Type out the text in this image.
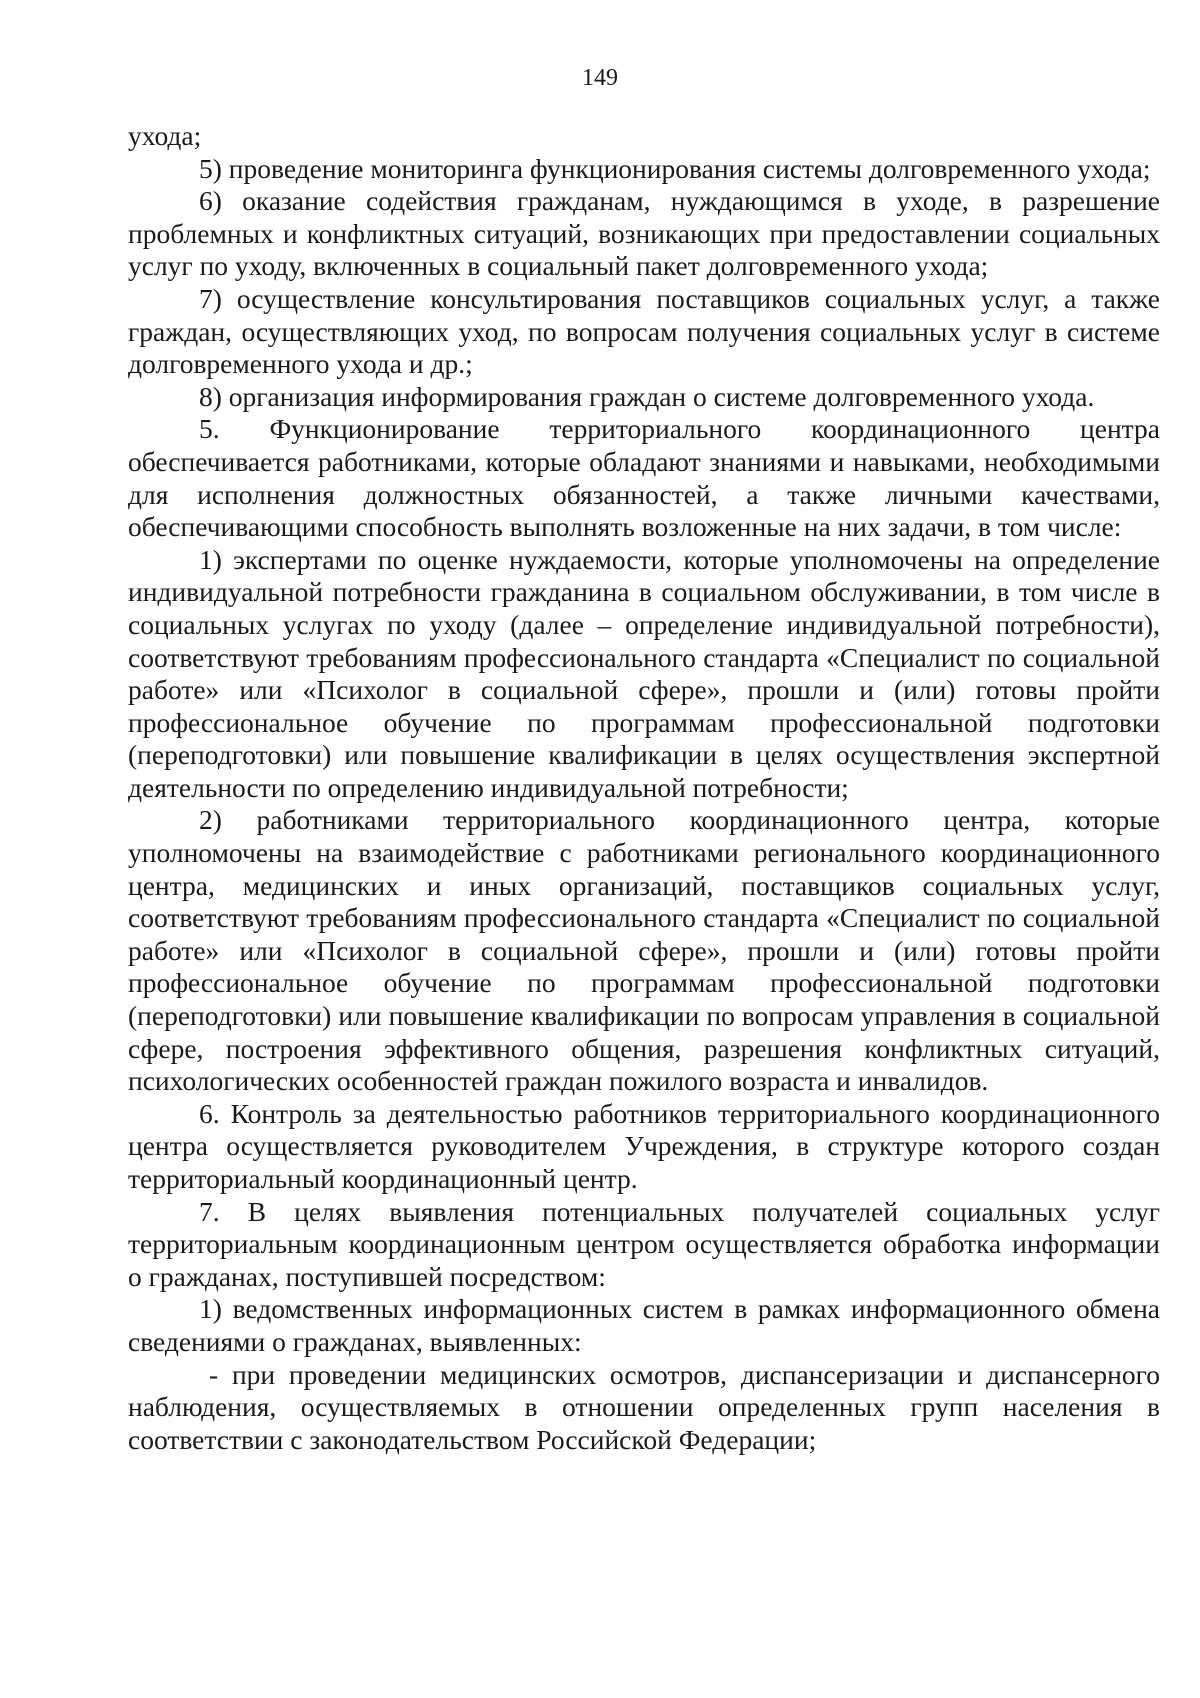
149

ухода;

5) проведение мониторинга функционирования системы долговременного ухода;

6) оказание содействия гражданам, нуждающимся в уходе, в разрешение проблемных и конфликтных ситуаций, возникающих при предоставлении социальных услуг по уходу, включенных в социальный пакет долговременного ухода;

7) осуществление консультирования поставщиков социальных услуг, а также граждан, осуществляющих уход, по вопросам получения социальных услуг в системе долговременного ухода и др.;

8) организация информирования граждан о системе долговременного ухода.

5. Функционирование территориального координационного центра обеспечивается работниками, которые обладают знаниями и навыками, необходимыми для исполнения должностных обязанностей, а также личными качествами, обеспечивающими способность выполнять возложенные на них задачи, в том числе:

1) экспертами по оценке нуждаемости, которые уполномочены на определение индивидуальной потребности гражданина в социальном обслуживании, в том числе в социальных услугах по уходу (далее – определение индивидуальной потребности), соответствуют требованиям профессионального стандарта «Специалист по социальной работе» или «Психолог в социальной сфере», прошли и (или) готовы пройти профессиональное обучение по программам профессиональной подготовки (переподготовки) или повышение квалификации в целях осуществления экспертной деятельности по определению индивидуальной потребности;

2) работниками территориального координационного центра, которые уполномочены на взаимодействие с работниками регионального координационного центра, медицинских и иных организаций, поставщиков социальных услуг, соответствуют требованиям профессионального стандарта «Специалист по социальной работе» или «Психолог в социальной сфере», прошли и (или) готовы пройти профессиональное обучение по программам профессиональной подготовки (переподготовки) или повышение квалификации по вопросам управления в социальной сфере, построения эффективного общения, разрешения конфликтных ситуаций, психологических особенностей граждан пожилого возраста и инвалидов.

6. Контроль за деятельностью работников территориального координационного центра осуществляется руководителем Учреждения, в структуре которого создан территориальный координационный центр.

7. В целях выявления потенциальных получателей социальных услуг территориальным координационным центром осуществляется обработка информации о гражданах, поступившей посредством:

1) ведомственных информационных систем в рамках информационного обмена сведениями о гражданах, выявленных:

- при проведении медицинских осмотров, диспансеризации и диспансерного наблюдения, осуществляемых в отношении определенных групп населения в соответствии с законодательством Российской Федерации;
